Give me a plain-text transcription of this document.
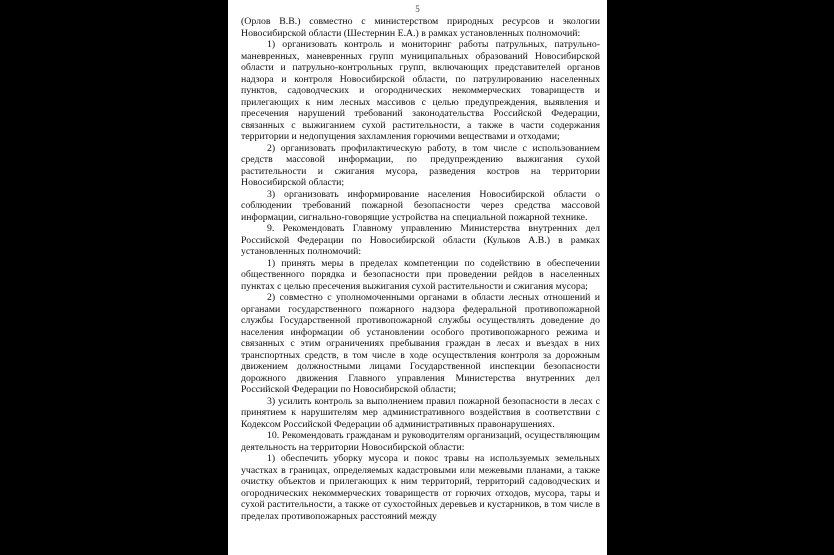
5

(Орлов В.В.) совместно с министерством природных ресурсов и экологии Новосибирской области (Шестернин Е.А.) в рамках установленных полномочий:

1) организовать контроль и мониторинг работы патрульных, патрульно-маневренных, маневренных групп муниципальных образований Новосибирской области и патрульно-контрольных групп, включающих представителей органов надзора и контроля Новосибирской области, по патрулированию населенных пунктов, садоводческих и огороднических некоммерческих товариществ и прилегающих к ним лесных массивов с целью предупреждения, выявления и пресечения нарушений требований законодательства Российской Федерации, связанных с выжиганием сухой растительности, а также в части содержания территории и недопущения захламления горючими веществами и отходами;

2) организовать профилактическую работу, в том числе с использованием средств массовой информации, по предупреждению выжигания сухой растительности и сжигания мусора, разведения костров на территории Новосибирской области;

3) организовать информирование населения Новосибирской области о соблюдении требований пожарной безопасности через средства массовой информации, сигнально-говорящие устройства на специальной пожарной технике.

9. Рекомендовать Главному управлению Министерства внутренних дел Российской Федерации по Новосибирской области (Кульков А.В.) в рамках установленных полномочий:

1) принять меры в пределах компетенции по содействию в обеспечении общественного порядка и безопасности при проведении рейдов в населенных пунктах с целью пресечения выжигания сухой растительности и сжигания мусора;

2) совместно с уполномоченными органами в области лесных отношений и органами государственного пожарного надзора федеральной противопожарной службы Государственной противопожарной службы осуществлять доведение до населения информации об установлении особого противопожарного режима и связанных с этим ограничениях пребывания граждан в лесах и въездах в них транспортных средств, в том числе в ходе осуществления контроля за дорожным движением должностными лицами Государственной инспекции безопасности дорожного движения Главного управления Министерства внутренних дел Российской Федерации по Новосибирской области;

3) усилить контроль за выполнением правил пожарной безопасности в лесах с принятием к нарушителям мер административного воздействия в соответствии с Кодексом Российской Федерации об административных правонарушениях.

10. Рекомендовать гражданам и руководителям организаций, осуществляющим деятельность на территории Новосибирской области:

1) обеспечить уборку мусора и покос травы на используемых земельных участках в границах, определяемых кадастровыми или межевыми планами, а также очистку объектов и прилегающих к ним территорий, территорий садоводческих и огороднических некоммерческих товариществ от горючих отходов, мусора, тары и сухой растительности, а также от сухостойных деревьев и кустарников, в том числе в пределах противопожарных расстояний между
